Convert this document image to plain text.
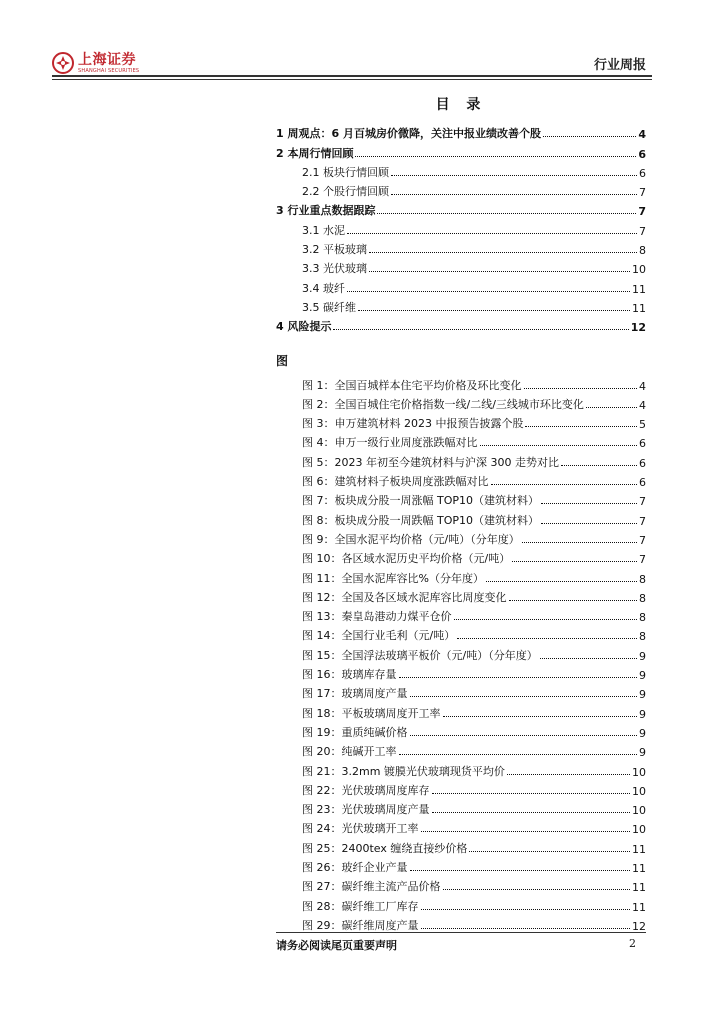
上海证券
SHANGHAI SECURITIES	行业周报
目 录
1 周观点：6 月百城房价微降，关注中报业绩改善个股	4
2 本周行情回顾	6
2.1 板块行情回顾	6
2.2 个股行情回顾	7
3 行业重点数据跟踪	7
3.1 水泥	7
3.2 平板玻璃	8
3.3 光伏玻璃	10
3.4 玻纤	11
3.5 碳纤维	11
4 风险提示	12
图
图 1：全国百城样本住宅平均价格及环比变化	4
图 2：全国百城住宅价格指数一线/二线/三线城市环比变化	4
图 3：申万建筑材料 2023 中报预告披露个股	5
图 4：申万一级行业周度涨跌幅对比	6
图 5：2023 年初至今建筑材料与沪深 300 走势对比	6
图 6：建筑材料子板块周度涨跌幅对比	6
图 7：板块成分股一周涨幅 TOP10（建筑材料）	7
图 8：板块成分股一周跌幅 TOP10（建筑材料）	7
图 9：全国水泥平均价格（元/吨）（分年度）	7
图 10：各区域水泥历史平均价格（元/吨）	7
图 11：全国水泥库容比%（分年度）	8
图 12：全国及各区域水泥库容比周度变化	8
图 13：秦皇岛港动力煤平仓价	8
图 14：全国行业毛利（元/吨）	8
图 15：全国浮法玻璃平板价（元/吨）（分年度）	9
图 16：玻璃库存量	9
图 17：玻璃周度产量	9
图 18：平板玻璃周度开工率	9
图 19：重质纯碱价格	9
图 20：纯碱开工率	9
图 21：3.2mm 镀膜光伏玻璃现货平均价	10
图 22：光伏玻璃周度库存	10
图 23：光伏玻璃周度产量	10
图 24：光伏玻璃开工率	10
图 25：2400tex 缠绕直接纱价格	11
图 26：玻纤企业产量	11
图 27：碳纤维主流产品价格	11
图 28：碳纤维工厂库存	11
图 29：碳纤维周度产量	12
请务必阅读尾页重要声明	2
